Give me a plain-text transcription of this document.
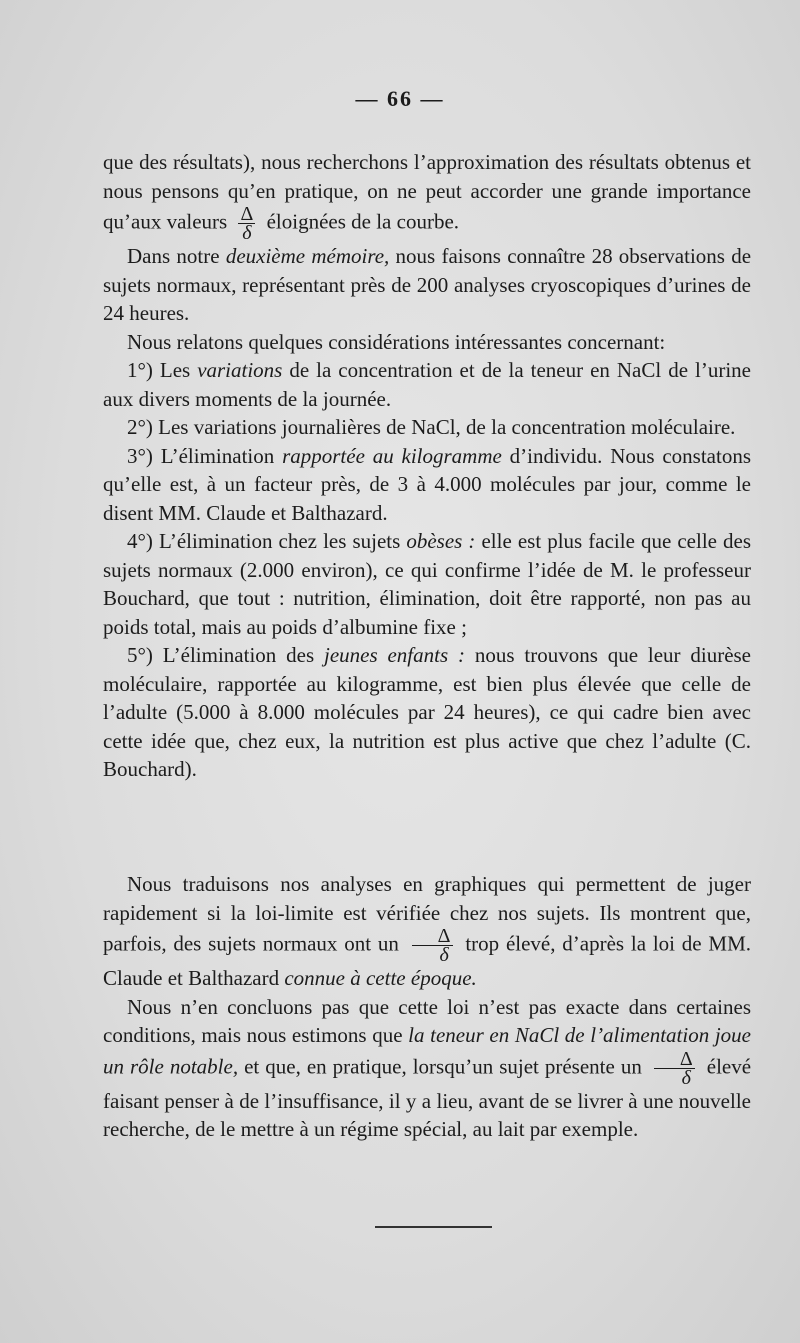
— 66 —

que des résultats), nous recherchons l’approximation des résultats obtenus et nous pensons qu’en pratique, on ne peut accorder une grande importance qu’aux valeurs $\frac{\Delta}{\delta}$ éloignées de la courbe.

Dans notre deuxième mémoire, nous faisons connaître 28 observations de sujets normaux, représentant près de 200 analyses cryoscopiques d’urines de 24 heures.

Nous relatons quelques considérations intéressantes concernant:

1°) Les variations de la concentration et de la teneur en NaCl de l’urine aux divers moments de la journée.

2°) Les variations journalières de NaCl, de la concentration moléculaire.

3°) L’élimination rapportée au kilogramme d’individu. Nous constatons qu’elle est, à un facteur près, de 3 à 4.000 molécules par jour, comme le disent MM. Claude et Balthazard.

4°) L’élimination chez les sujets obèses : elle est plus facile que celle des sujets normaux (2.000 environ), ce qui confirme l’idée de M. le professeur Bouchard, que tout : nutrition, élimination, doit être rapporté, non pas au poids total, mais au poids d’albumine fixe ;

5°) L’élimination des jeunes enfants : nous trouvons que leur diurèse moléculaire, rapportée au kilogramme, est bien plus élevée que celle de l’adulte (5.000 à 8.000 molécules par 24 heures), ce qui cadre bien avec cette idée que, chez eux, la nutrition est plus active que chez l’adulte (C. Bouchard).

Nous traduisons nos analyses en graphiques qui permettent de juger rapidement si la loi-limite est vérifiée chez nos sujets. Ils montrent que, parfois, des sujets normaux ont un $\frac{\Delta}{\delta}$ trop élevé, d’après la loi de MM. Claude et Balthazard connue à cette époque.

Nous n’en concluons pas que cette loi n’est pas exacte dans certaines conditions, mais nous estimons que la teneur en NaCl de l’alimentation joue un rôle notable, et que, en pratique, lorsqu’un sujet présente un $\frac{\Delta}{\delta}$ élevé faisant penser à de l’insuffisance, il y a lieu, avant de se livrer à une nouvelle recherche, de le mettre à un régime spécial, au lait par exemple.
